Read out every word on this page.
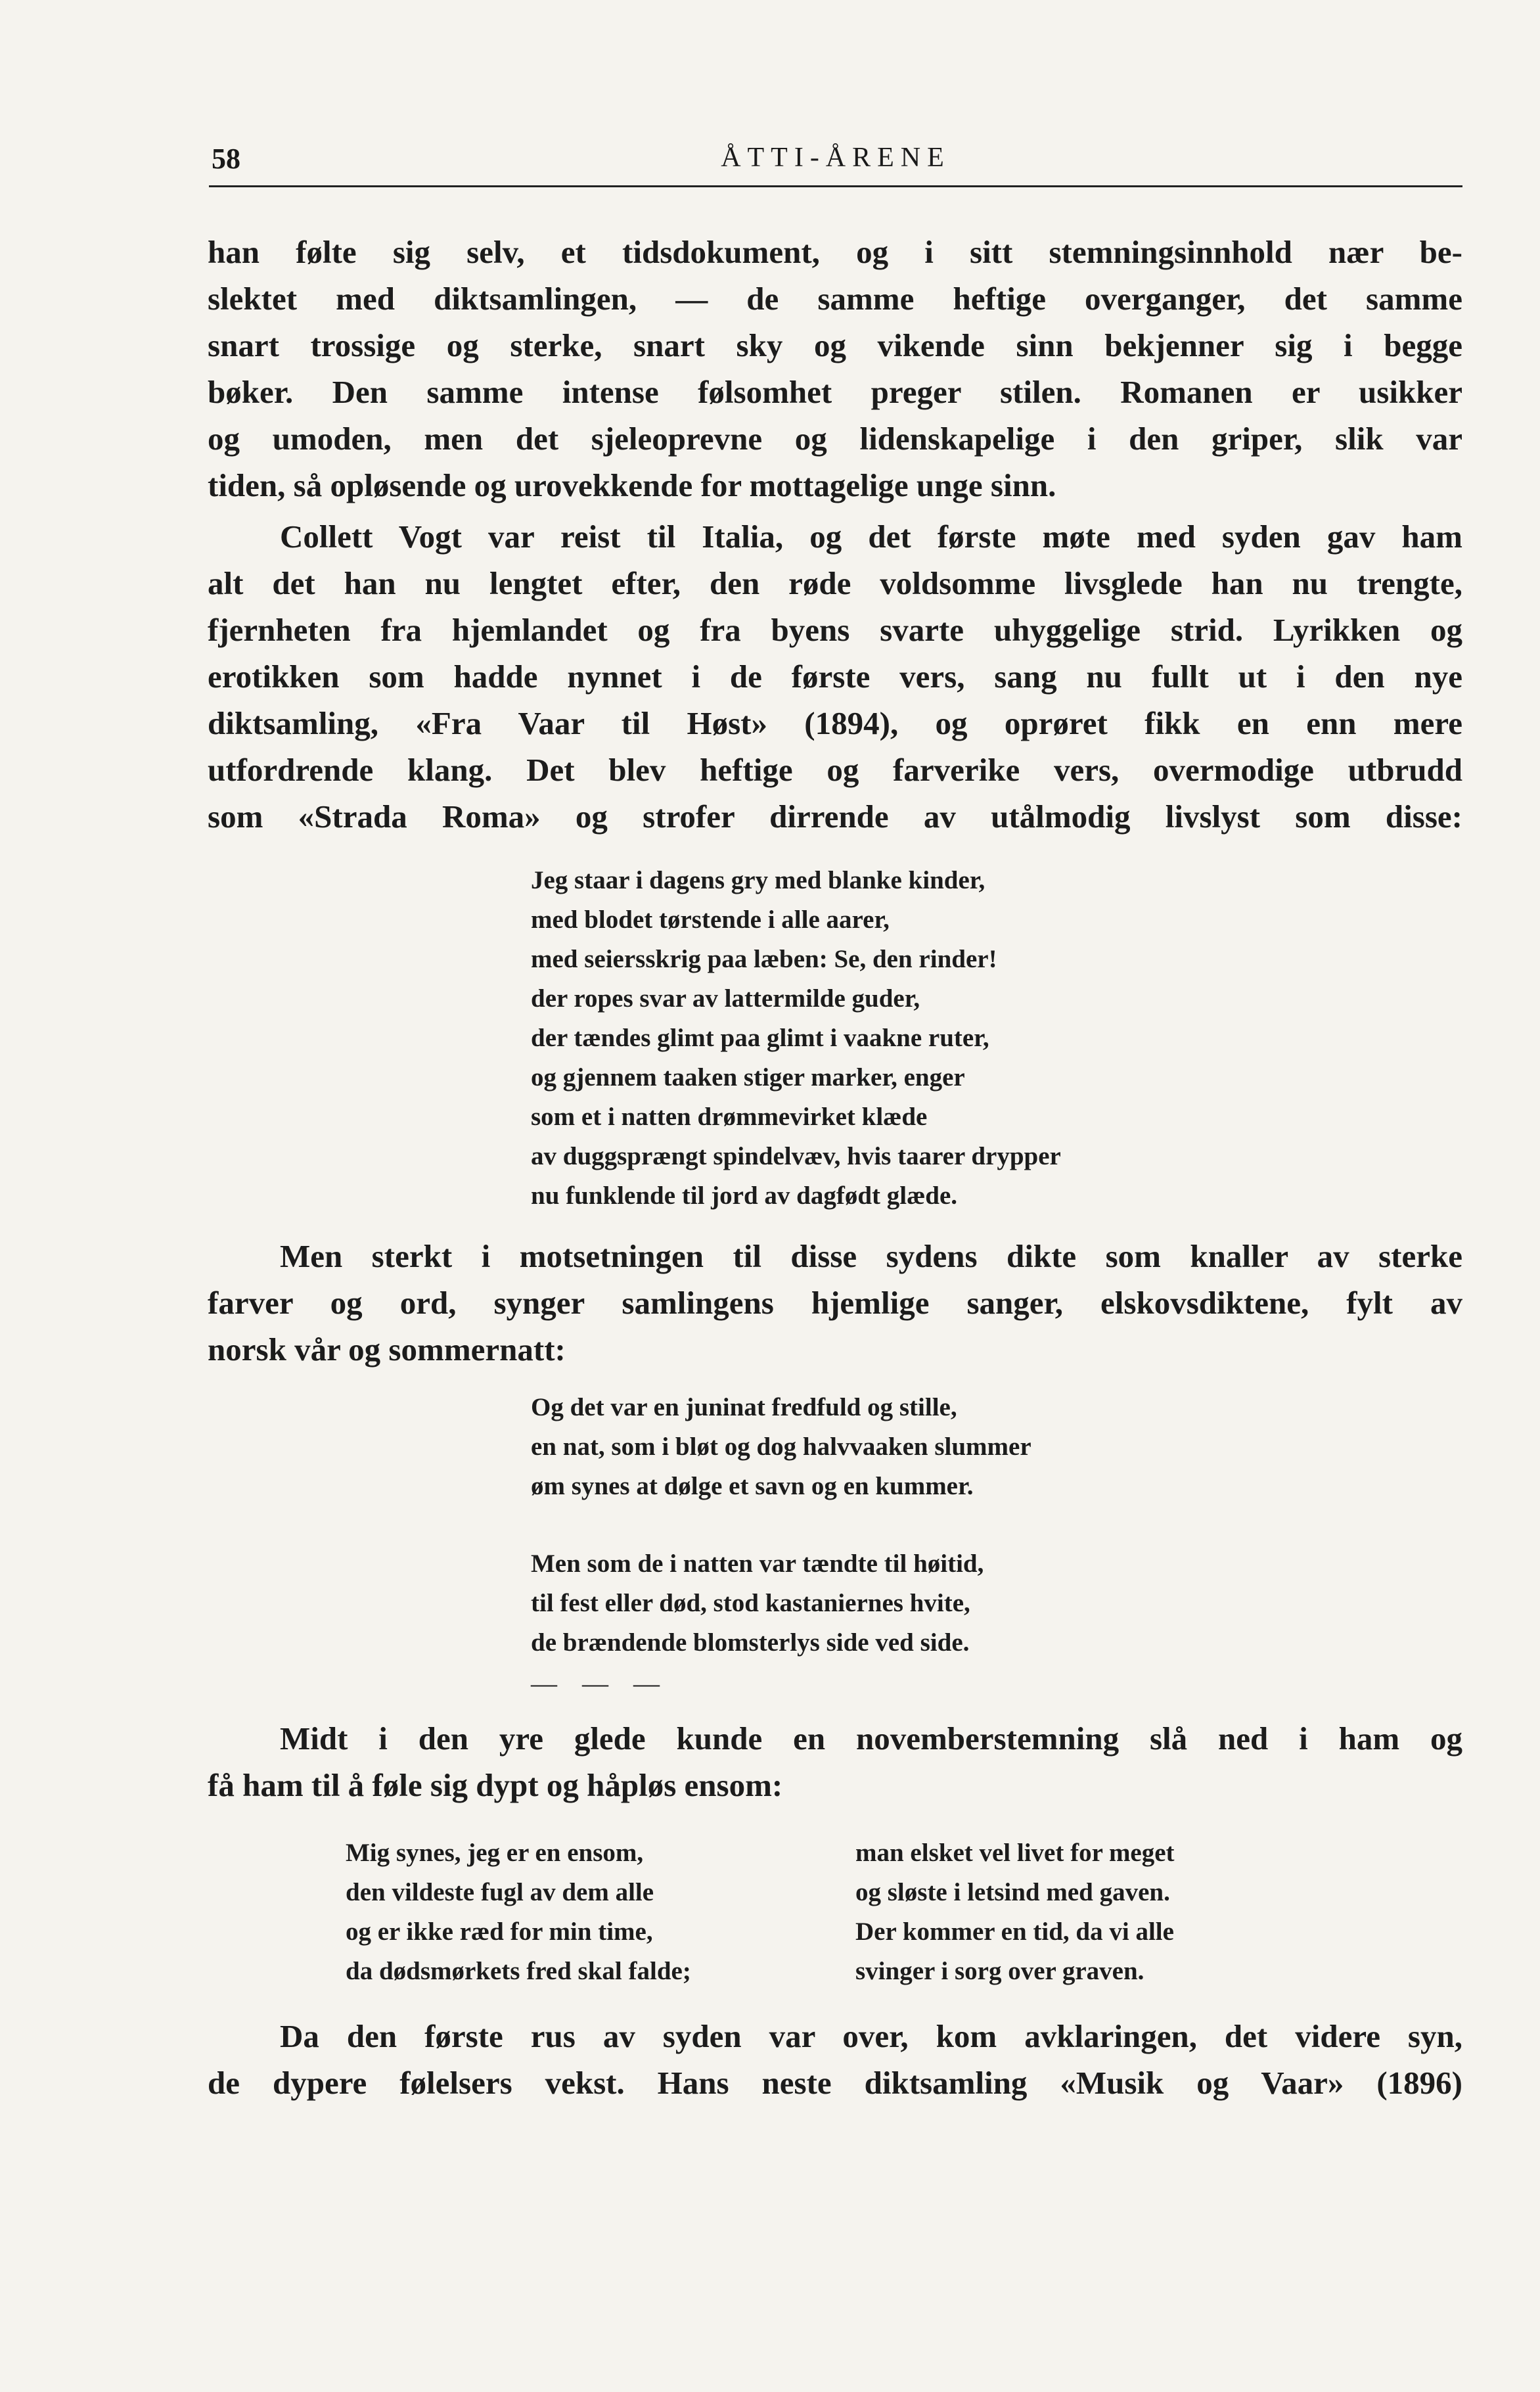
58	ÅTTI-ÅRENE
han følte sig selv, et tidsdokument, og i sitt stemningsinnhold nær be-
slektet med diktsamlingen, — de samme heftige overganger, det samme
snart trossige og sterke, snart sky og vikende sinn bekjenner sig i begge
bøker. Den samme intense følsomhet preger stilen. Romanen er usikker
og umoden, men det sjeleoprevne og lidenskapelige i den griper, slik var
tiden, så opløsende og urovekkende for mottagelige unge sinn.
Collett Vogt var reist til Italia, og det første møte med syden gav ham
alt det han nu lengtet efter, den røde voldsomme livsglede han nu trengte,
fjernheten fra hjemlandet og fra byens svarte uhyggelige strid. Lyrikken og
erotikken som hadde nynnet i de første vers, sang nu fullt ut i den nye
diktsamling, «Fra Vaar til Høst» (1894), og oprøret fikk en enn mere
utfordrende klang. Det blev heftige og farverike vers, overmodige utbrudd
som «Strada Roma» og strofer dirrende av utålmodig livslyst som disse:
Jeg staar i dagens gry med blanke kinder,
med blodet tørstende i alle aarer,
med seiersskrig paa læben: Se, den rinder!
der ropes svar av lattermilde guder,
der tændes glimt paa glimt i vaakne ruter,
og gjennem taaken stiger marker, enger
som et i natten drømmevirket klæde
av duggsprængt spindelvæv, hvis taarer drypper
nu funklende til jord av dagfødt glæde.
Men sterkt i motsetningen til disse sydens dikte som knaller av sterke
farver og ord, synger samlingens hjemlige sanger, elskovsdiktene, fylt av
norsk vår og sommernatt:
Og det var en juninat fredfuld og stille,
en nat, som i bløt og dog halvvaaken slummer
øm synes at dølge et savn og en kummer.
Men som de i natten var tændte til høitid,
til fest eller død, stod kastaniernes hvite,
de brændende blomsterlys side ved side.
— — —
Midt i den yre glede kunde en novemberstemning slå ned i ham og
få ham til å føle sig dypt og håpløs ensom:
Mig synes, jeg er en ensom,
den vildeste fugl av dem alle
og er ikke ræd for min time,
da dødsmørkets fred skal falde;
man elsket vel livet for meget
og sløste i letsind med gaven.
Der kommer en tid, da vi alle
svinger i sorg over graven.
Da den første rus av syden var over, kom avklaringen, det videre syn,
de dypere følelsers vekst. Hans neste diktsamling «Musik og Vaar» (1896)
